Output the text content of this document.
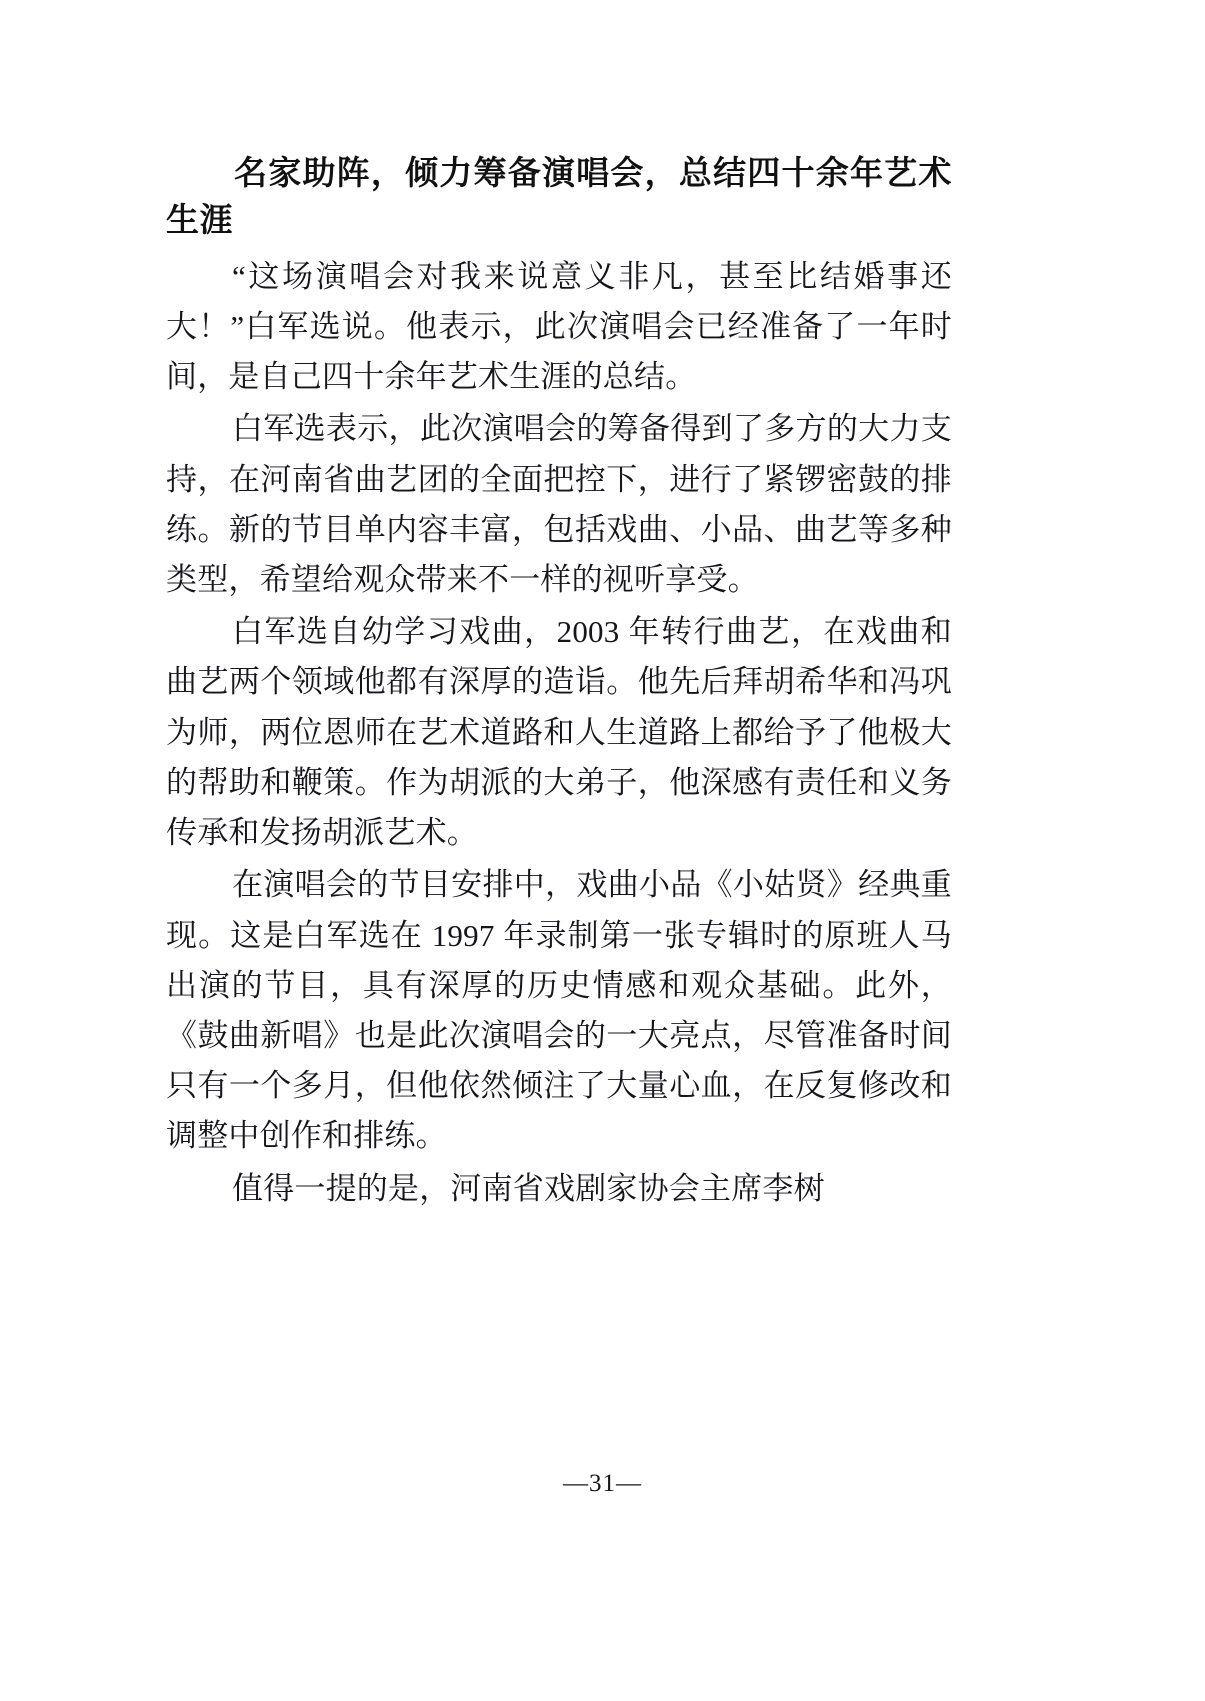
名家助阵，倾力筹备演唱会，总结四十余年艺术生涯

“这场演唱会对我来说意义非凡，甚至比结婚事还大！”白军选说。他表示，此次演唱会已经准备了一年时间，是自己四十余年艺术生涯的总结。

白军选表示，此次演唱会的筹备得到了多方的大力支持，在河南省曲艺团的全面把控下，进行了紧锣密鼓的排练。新的节目单内容丰富，包括戏曲、小品、曲艺等多种类型，希望给观众带来不一样的视听享受。

白军选自幼学习戏曲，2003 年转行曲艺，在戏曲和曲艺两个领域他都有深厚的造诣。他先后拜胡希华和冯巩为师，两位恩师在艺术道路和人生道路上都给予了他极大的帮助和鞭策。作为胡派的大弟子，他深感有责任和义务传承和发扬胡派艺术。

在演唱会的节目安排中，戏曲小品《小姑贤》经典重现。这是白军选在 1997 年录制第一张专辑时的原班人马出演的节目，具有深厚的历史情感和观众基础。此外，《鼓曲新唱》也是此次演唱会的一大亮点，尽管准备时间只有一个多月，但他依然倾注了大量心血，在反复修改和调整中创作和排练。

值得一提的是，河南省戏剧家协会主席李树

—31—
